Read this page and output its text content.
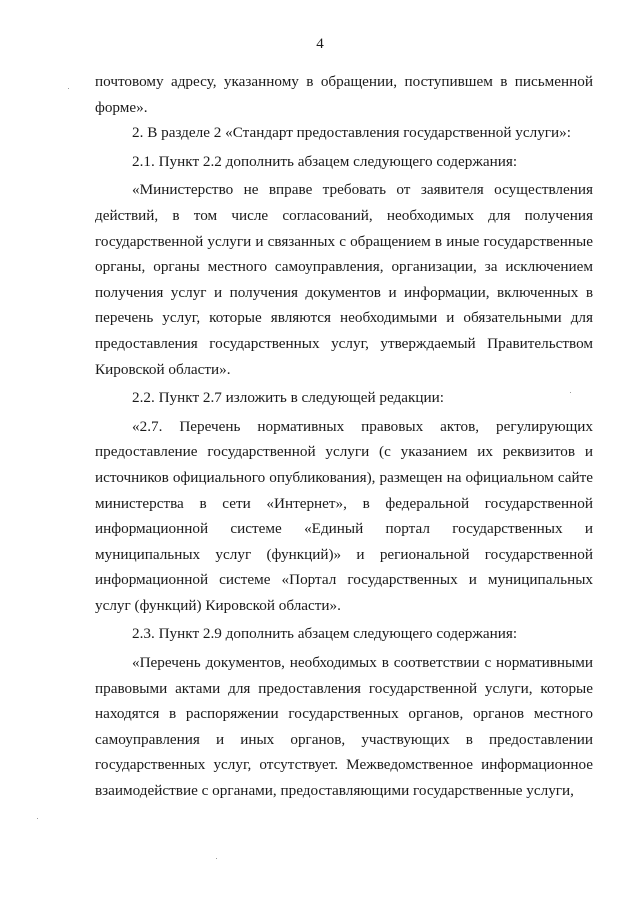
4

почтовому адресу, указанному в обращении, поступившем в письменной форме».

2. В разделе 2 «Стандарт предоставления государственной услуги»:

2.1. Пункт 2.2 дополнить абзацем следующего содержания:

«Министерство не вправе требовать от заявителя осуществления действий, в том числе согласований, необходимых для получения государственной услуги и связанных с обращением в иные государственные органы, органы местного самоуправления, организации, за исключением получения услуг и получения документов и информации, включенных в перечень услуг, которые являются необходимыми и обязательными для предоставления государственных услуг, утверждаемый Правительством Кировской области».

2.2. Пункт 2.7 изложить в следующей редакции:

«2.7. Перечень нормативных правовых актов, регулирующих предоставление государственной услуги (с указанием их реквизитов и источников официального опубликования), размещен на официальном сайте министерства в сети «Интернет», в федеральной государственной информационной системе «Единый портал государственных и муниципальных услуг (функций)» и региональной государственной информационной системе «Портал государственных и муниципальных услуг (функций) Кировской области».

2.3. Пункт 2.9 дополнить абзацем следующего содержания:

«Перечень документов, необходимых в соответствии с нормативными правовыми актами для предоставления государственной услуги, которые находятся в распоряжении государственных органов, органов местного самоуправления и иных органов, участвующих в предоставлении государственных услуг, отсутствует. Межведомственное информационное взаимодействие с органами, предоставляющими государственные услуги,
